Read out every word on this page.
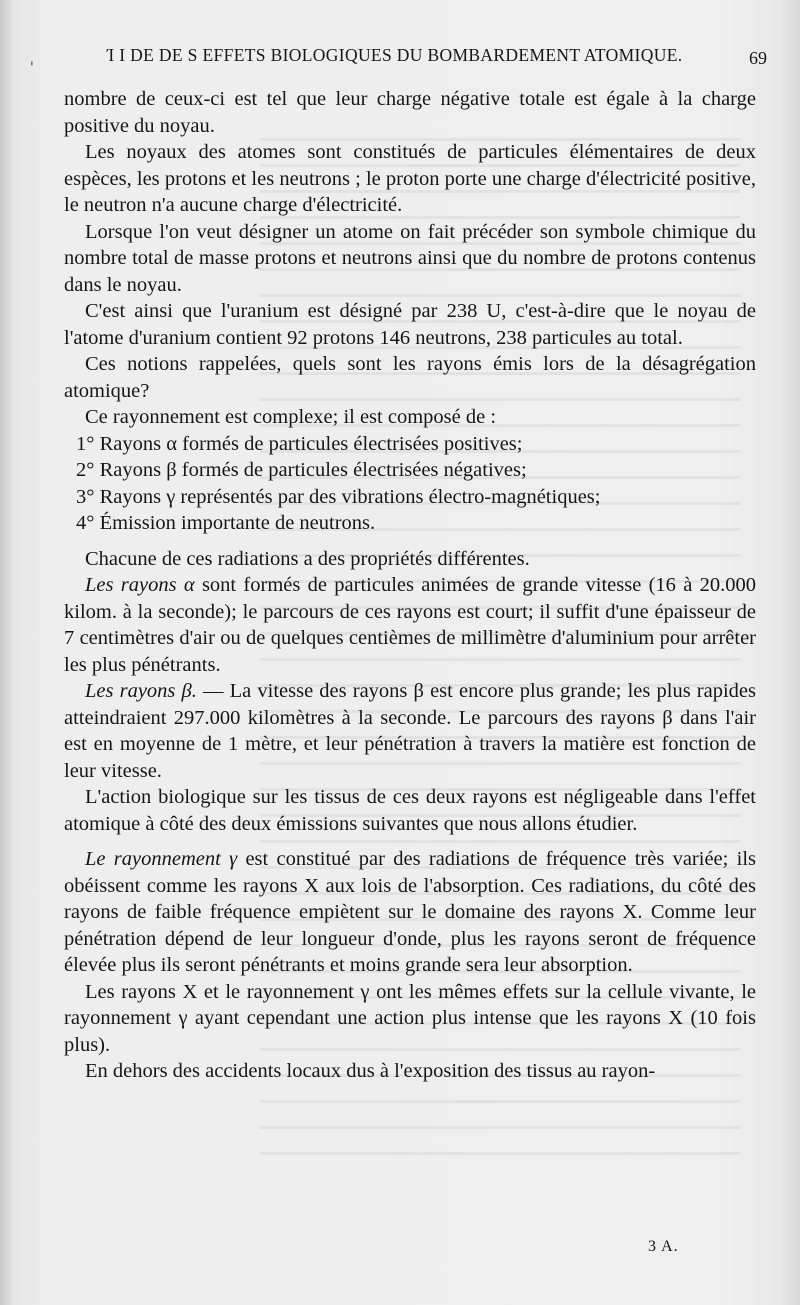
'
Ί Ι DE DE S EFFETS BIOLOGIQUES DU BOMBARDEMENT ATOMIQUE.	69

nombre de ceux-ci est tel que leur charge négative totale est égale à la charge positive du noyau.

Les noyaux des atomes sont constitués de particules élémentaires de deux espèces, les protons et les neutrons ; le proton porte une charge d'électricité positive, le neutron n'a aucune charge d'électricité.

Lorsque l'on veut désigner un atome on fait précéder son symbole chimique du nombre total de masse protons et neutrons ainsi que du nombre de protons contenus dans le noyau.

C'est ainsi que l'uranium est désigné par 238 U, c'est-à-dire que le noyau de l'atome d'uranium contient 92 protons 146 neutrons, 238 particules au total.

Ces notions rappelées, quels sont les rayons émis lors de la désagrégation atomique?

Ce rayonnement est complexe; il est composé de :

1° Rayons α formés de particules électrisées positives;

2° Rayons β formés de particules électrisées négatives;

3° Rayons γ représentés par des vibrations électro-magnétiques;

4° Émission importante de neutrons.

Chacune de ces radiations a des propriétés différentes.

Les rayons α sont formés de particules animées de grande vitesse (16 à 20.000 kilom. à la seconde); le parcours de ces rayons est court; il suffit d'une épaisseur de 7 centimètres d'air ou de quelques centièmes de millimètre d'aluminium pour arrêter les plus pénétrants.

Les rayons β. — La vitesse des rayons β est encore plus grande; les plus rapides atteindraient 297.000 kilomètres à la seconde. Le parcours des rayons β dans l'air est en moyenne de 1 mètre, et leur pénétration à travers la matière est fonction de leur vitesse.

L'action biologique sur les tissus de ces deux rayons est négligeable dans l'effet atomique à côté des deux émissions suivantes que nous allons étudier.

Le rayonnement γ est constitué par des radiations de fréquence très variée; ils obéissent comme les rayons X aux lois de l'absorption. Ces radiations, du côté des rayons de faible fréquence empiètent sur le domaine des rayons X. Comme leur pénétration dépend de leur longueur d'onde, plus les rayons seront de fréquence élevée plus ils seront pénétrants et moins grande sera leur absorption.

Les rayons X et le rayonnement γ ont les mêmes effets sur la cellule vivante, le rayonnement γ ayant cependant une action plus intense que les rayons X (10 fois plus).

En dehors des accidents locaux dus à l'exposition des tissus au rayon-

3 A.
